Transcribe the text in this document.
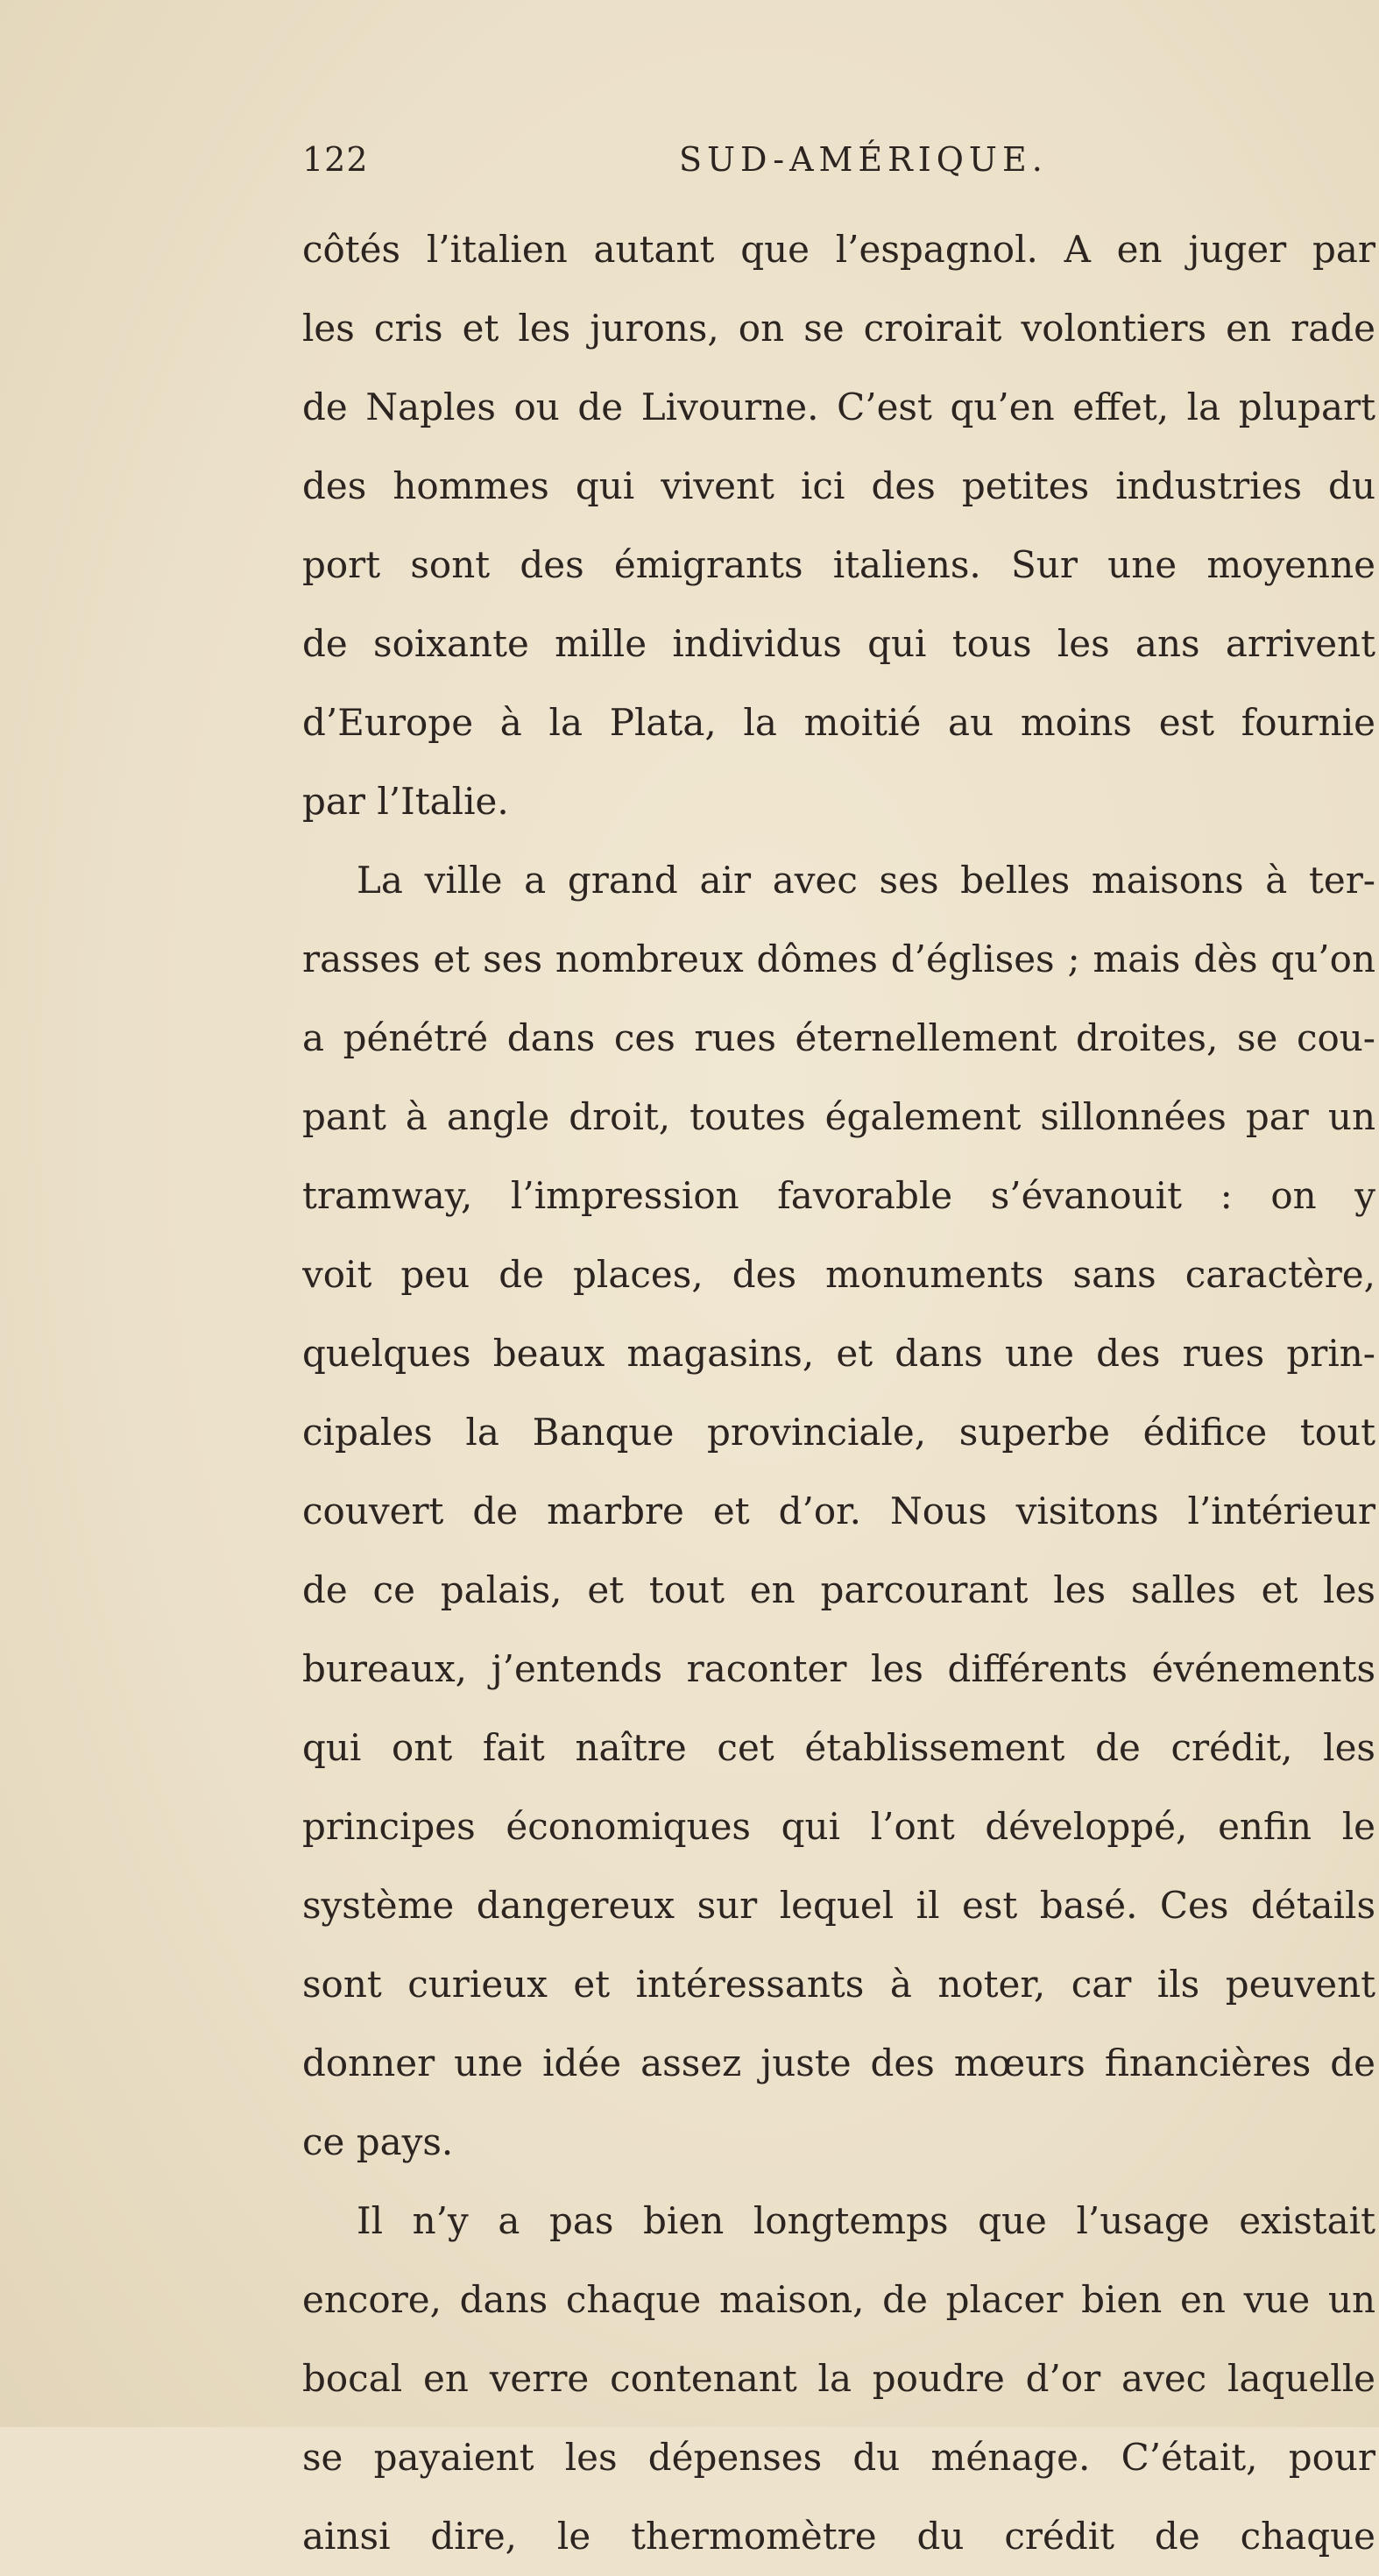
122	SUD-AMÉRIQUE.
côtés l’italien autant que l’espagnol. A en juger par
les cris et les jurons, on se croirait volontiers en rade
de Naples ou de Livourne. C’est qu’en effet, la plupart
des hommes qui vivent ici des petites industries du
port sont des émigrants italiens. Sur une moyenne
de soixante mille individus qui tous les ans arrivent
d’Europe à la Plata, la moitié au moins est fournie
par l’Italie.
La ville a grand air avec ses belles maisons à ter-
rasses et ses nombreux dômes d’églises ; mais dès qu’on
a pénétré dans ces rues éternellement droites, se cou-
pant à angle droit, toutes également sillonnées par un
tramway, l’impression favorable s’évanouit : on y
voit peu de places, des monuments sans caractère,
quelques beaux magasins, et dans une des rues prin-
cipales la Banque provinciale, superbe édifice tout
couvert de marbre et d’or. Nous visitons l’intérieur
de ce palais, et tout en parcourant les salles et les
bureaux, j’entends raconter les différents événements
qui ont fait naître cet établissement de crédit, les
principes économiques qui l’ont développé, enfin le
système dangereux sur lequel il est basé. Ces détails
sont curieux et intéressants à noter, car ils peuvent
donner une idée assez juste des mœurs financières de
ce pays.
Il n’y a pas bien longtemps que l’usage existait
encore, dans chaque maison, de placer bien en vue un
bocal en verre contenant la poudre d’or avec laquelle
se payaient les dépenses du ménage. C’était, pour
ainsi dire, le thermomètre du crédit de chaque
